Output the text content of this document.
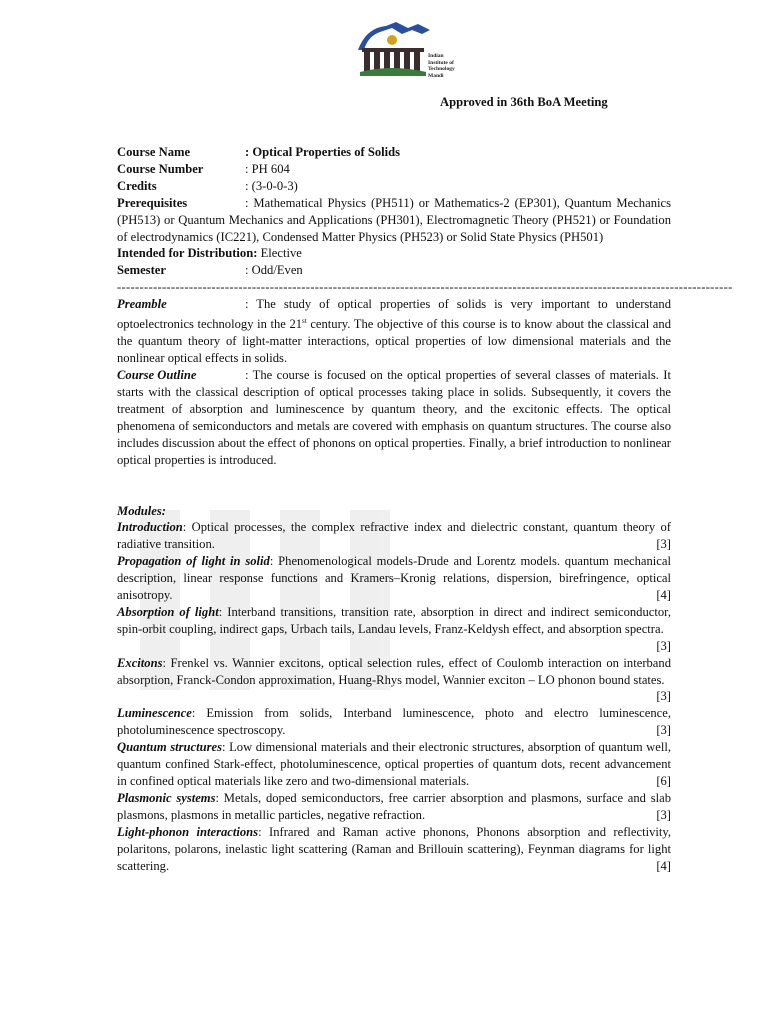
Indian
Institute of
Technology
Mandi
Approved in 36th BoA Meeting
Course Name	: Optical Properties of Solids
Course Number	: PH 604
Credits	: (3-0-0-3)
Prerequisites	: Mathematical Physics (PH511) or Mathematics-2 (EP301), Quantum Mechanics (PH513) or Quantum Mechanics and Applications (PH301), Electromagnetic Theory (PH521) or Foundation of electrodynamics (IC221), Condensed Matter Physics (PH523) or Solid State Physics (PH501)
Intended for Distribution: Elective
Semester	: Odd/Even
-----------------------------------------------------------------------------------------------------------------------------------------
Preamble	: The study of optical properties of solids is very important to understand optoelectronics technology in the 21st century. The objective of this course is to know about the classical and the quantum theory of light-matter interactions, optical properties of low dimensional materials and the nonlinear optical effects in solids.
Course Outline	: The course is focused on the optical properties of several classes of materials. It starts with the classical description of optical processes taking place in solids. Subsequently, it covers the treatment of absorption and luminescence by quantum theory, and the excitonic effects. The optical phenomena of semiconductors and metals are covered with emphasis on quantum structures. The course also includes discussion about the effect of phonons on optical properties. Finally, a brief introduction to nonlinear optical properties is introduced.
Modules:
Introduction: Optical processes, the complex refractive index and dielectric constant, quantum theory of radiative transition.	[3]
Propagation of light in solid: Phenomenological models-Drude and Lorentz models. quantum mechanical description, linear response functions and Kramers–Kronig relations, dispersion, birefringence, optical anisotropy.	[4]
Absorption of light: Interband transitions, transition rate, absorption in direct and indirect semiconductor, spin-orbit coupling, indirect gaps, Urbach tails, Landau levels, Franz-Keldysh effect, and absorption spectra.
[3]
Excitons: Frenkel vs. Wannier excitons, optical selection rules, effect of Coulomb interaction on interband absorption, Franck-Condon approximation, Huang-Rhys model, Wannier exciton – LO phonon bound states.
[3]
Luminescence: Emission from solids, Interband luminescence, photo and electro luminescence, photoluminescence spectroscopy.	[3]
Quantum structures: Low dimensional materials and their electronic structures, absorption of quantum well, quantum confined Stark-effect, photoluminescence, optical properties of quantum dots, recent advancement in confined optical materials like zero and two-dimensional materials.	[6]
Plasmonic systems: Metals, doped semiconductors, free carrier absorption and plasmons, surface and slab plasmons, plasmons in metallic particles, negative refraction.	[3]
Light-phonon interactions: Infrared and Raman active phonons, Phonons absorption and reflectivity, polaritons, polarons, inelastic light scattering (Raman and Brillouin scattering), Feynman diagrams for light scattering.	[4]
